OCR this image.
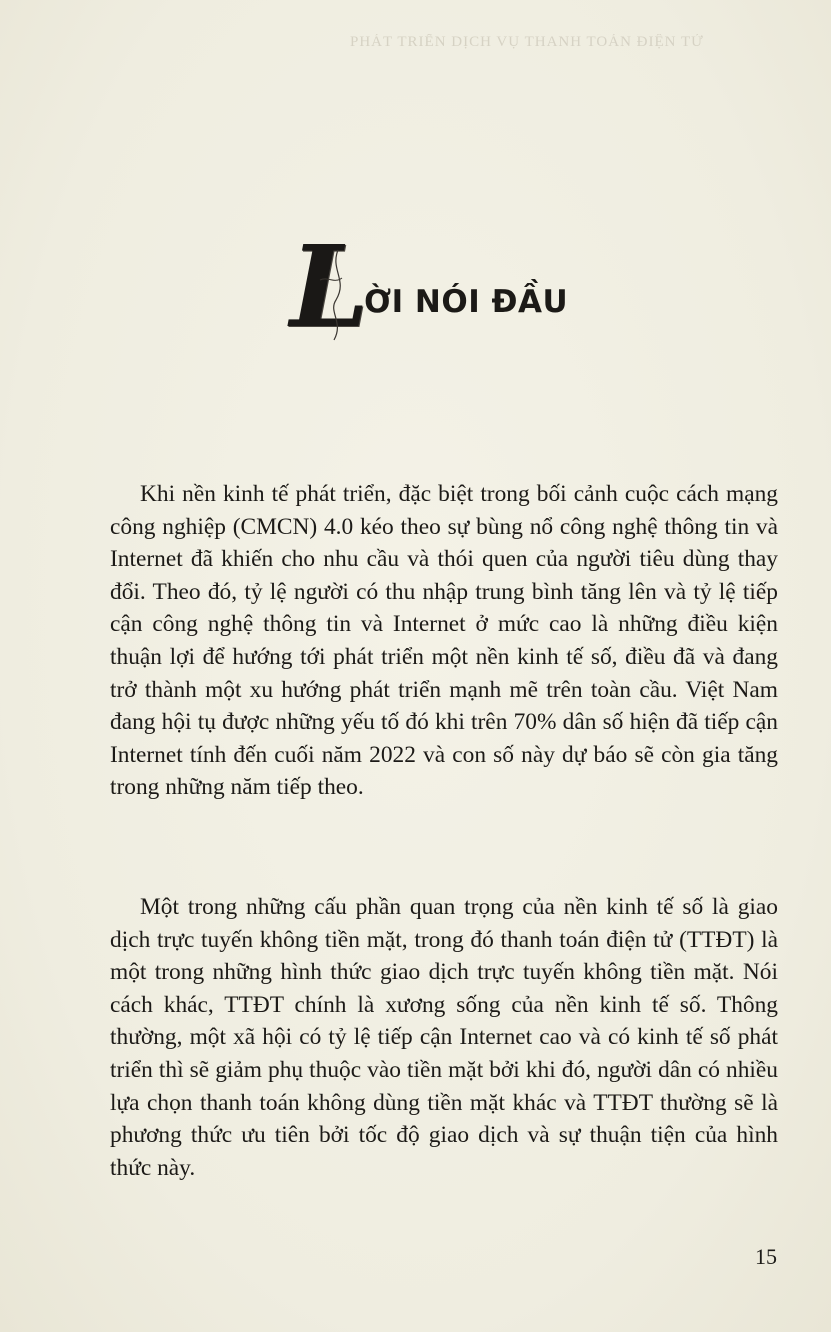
PHÁT TRIỂN DỊCH VỤ THANH TOÁN ĐIỆN TỬ
L
ỜI NÓI ĐẦU

Khi nền kinh tế phát triển, đặc biệt trong bối cảnh cuộc cách mạng công nghiệp (CMCN) 4.0 kéo theo sự bùng nổ công nghệ thông tin và Internet đã khiến cho nhu cầu và thói quen của người tiêu dùng thay đổi. Theo đó, tỷ lệ người có thu nhập trung bình tăng lên và tỷ lệ tiếp cận công nghệ thông tin và Internet ở mức cao là những điều kiện thuận lợi để hướng tới phát triển một nền kinh tế số, điều đã và đang trở thành một xu hướng phát triển mạnh mẽ trên toàn cầu. Việt Nam đang hội tụ được những yếu tố đó khi trên 70% dân số hiện đã tiếp cận Internet tính đến cuối năm 2022 và con số này dự báo sẽ còn gia tăng trong những năm tiếp theo.

Một trong những cấu phần quan trọng của nền kinh tế số là giao dịch trực tuyến không tiền mặt, trong đó thanh toán điện tử (TTĐT) là một trong những hình thức giao dịch trực tuyến không tiền mặt. Nói cách khác, TTĐT chính là xương sống của nền kinh tế số. Thông thường, một xã hội có tỷ lệ tiếp cận Internet cao và có kinh tế số phát triển thì sẽ giảm phụ thuộc vào tiền mặt bởi khi đó, người dân có nhiều lựa chọn thanh toán không dùng tiền mặt khác và TTĐT thường sẽ là phương thức ưu tiên bởi tốc độ giao dịch và sự thuận tiện của hình thức này.

15
